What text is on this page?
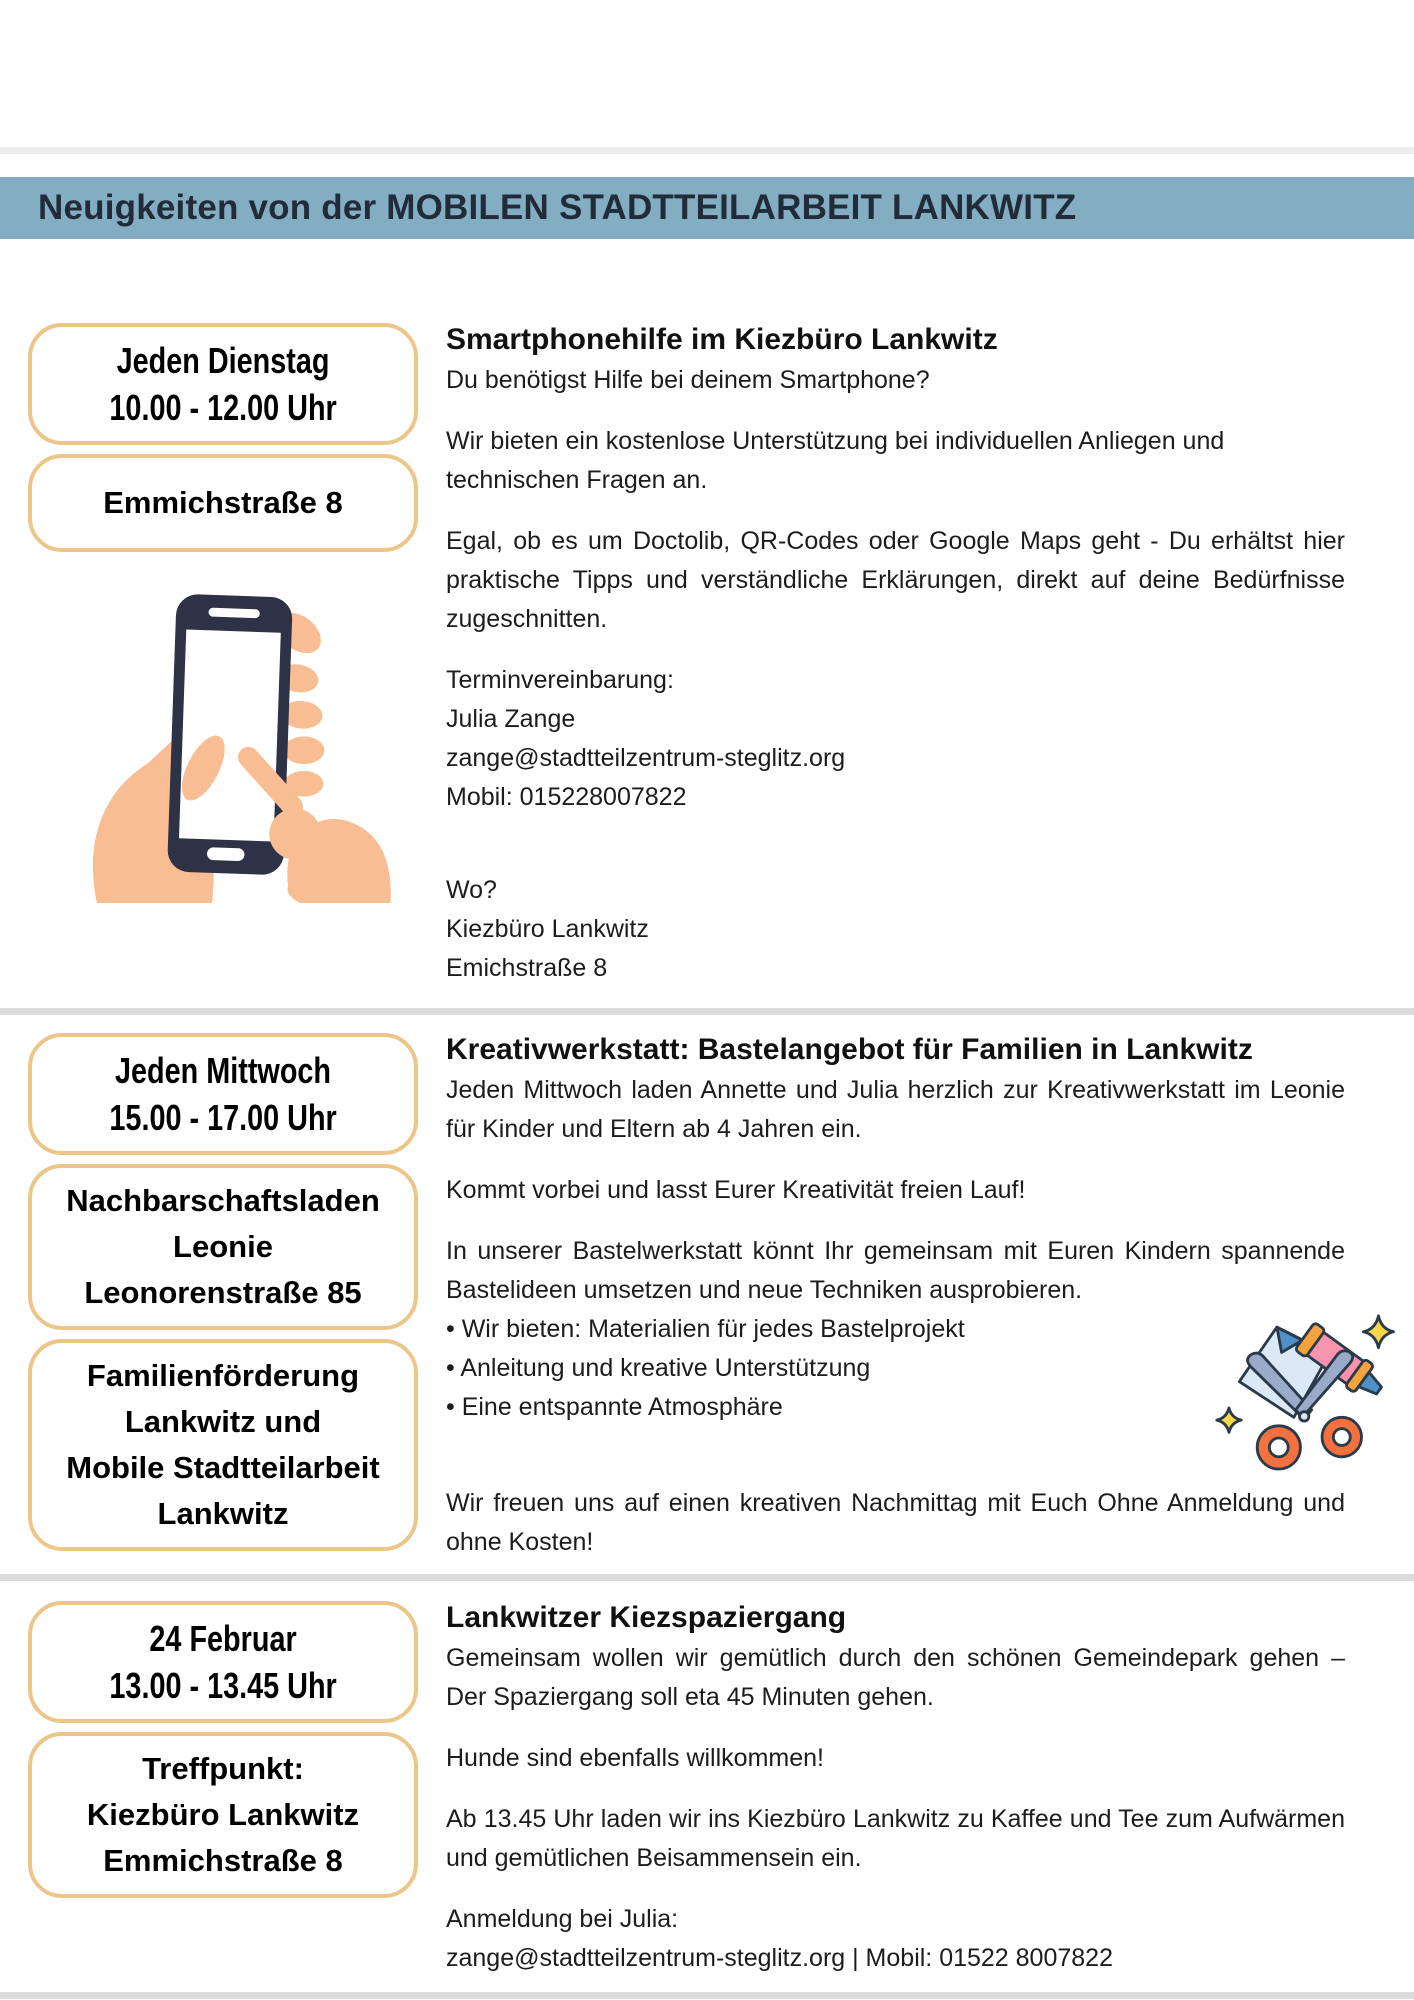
Neuigkeiten von der MOBILEN STADTTEILARBEIT LANKWITZ
Jeden Dienstag
10.00 - 12.00 Uhr
Emmichstraße 8
Smartphonehilfe im Kiezbüro Lankwitz

Du benötigst Hilfe bei deinem Smartphone?

Wir bieten ein kostenlose Unterstützung bei individuellen Anliegen und technischen Fragen an.

Egal, ob es um Doctolib, QR-Codes oder Google Maps geht - Du erhältst hier praktische Tipps und verständliche Erklärungen, direkt auf deine Bedürfnisse zugeschnitten.

Terminvereinbarung:
Julia Zange
zange@stadtteilzentrum-steglitz.org
Mobil: 015228007822
Wo?
Kiezbüro Lankwitz
Emichstraße 8
Jeden Mittwoch
15.00 - 17.00 Uhr
Nachbarschaftsladen
Leonie
Leonorenstraße 85
Familienförderung
Lankwitz und
Mobile Stadtteilarbeit
Lankwitz
Kreativwerkstatt: Bastelangebot für Familien in Lankwitz

Jeden Mittwoch laden Annette und Julia herzlich zur Kreativwerkstatt im Leonie für Kinder und Eltern ab 4 Jahren ein.

Kommt vorbei und lasst Eurer Kreativität freien Lauf!

In unserer Bastelwerkstatt könnt Ihr gemeinsam mit Euren Kindern spannende Bastelideen umsetzen und neue Techniken ausprobieren.

• Wir bieten: Materialien für jedes Bastelprojekt
• Anleitung und kreative Unterstützung
• Eine entspannte Atmosphäre

Wir freuen uns auf einen kreativen Nachmittag mit Euch Ohne Anmeldung und ohne Kosten!

24 Februar
13.00 - 13.45 Uhr
Treffpunkt:
Kiezbüro Lankwitz
Emmichstraße 8
Lankwitzer Kiezspaziergang

Gemeinsam wollen wir gemütlich durch den schönen Gemeindepark gehen – Der Spaziergang soll eta 45 Minuten gehen.

Hunde sind ebenfalls willkommen!

Ab 13.45 Uhr laden wir ins Kiezbüro Lankwitz zu Kaffee und Tee zum Aufwärmen und gemütlichen Beisammensein ein.

Anmeldung bei Julia:
zange@stadtteilzentrum-steglitz.org | Mobil: 01522 8007822
